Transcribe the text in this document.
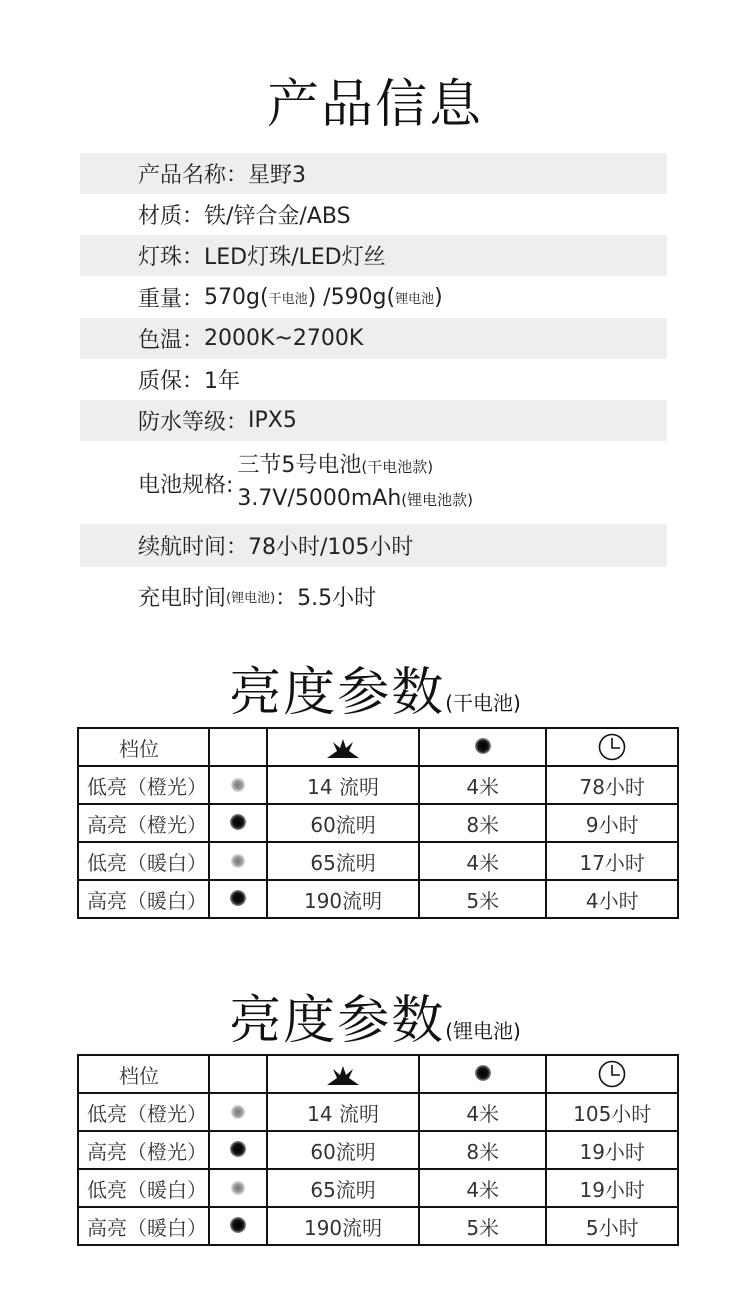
产品信息
产品名称： 星野3
材质： 铁/锌合金/ABS
灯珠： LED灯珠/LED灯丝
重量： 570g( 干电池 ) /590g( 锂电池 )
色温： 2000K~2700K
质保： 1年
防水等级： IPX5
电池规格:
三节5号电池(干电池款)
3.7V/5000mAh(锂电池款)
续航时间： 78小时/105小时
充电时间 (锂电池) ：5.5小时
亮度参数(干电池)
档位				
低亮（橙光）		14 流明	4米	78小时
高亮（橙光）		60流明	8米	9小时
低亮（暖白）		65流明	4米	17小时
高亮（暖白）		190流明	5米	4小时
亮度参数(锂电池)
档位				
低亮（橙光）		14 流明	4米	105小时
高亮（橙光）		60流明	8米	19小时
低亮（暖白）		65流明	4米	19小时
高亮（暖白）		190流明	5米	5小时
